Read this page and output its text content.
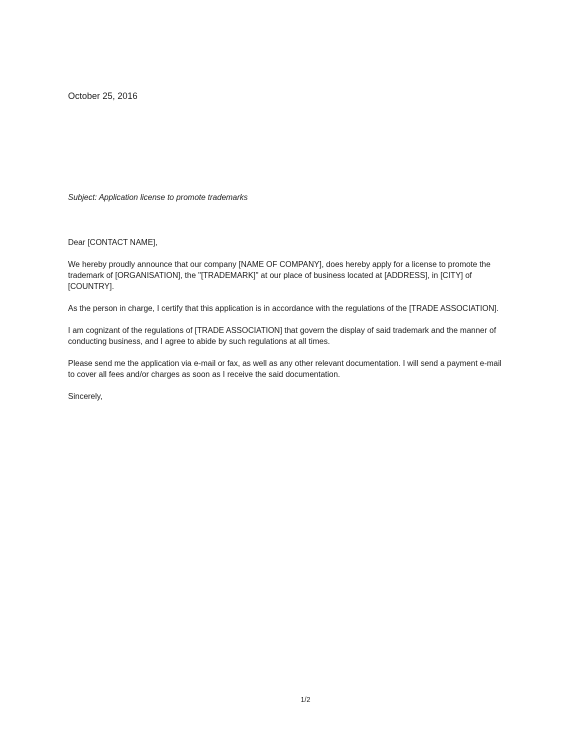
October 25, 2016
Subject: Application license to promote trademarks

Dear [CONTACT NAME],

We hereby proudly announce that our company [NAME OF COMPANY], does hereby apply for a license to promote the trademark of [ORGANISATION], the "[TRADEMARK]" at our place of business located at [ADDRESS], in [CITY] of [COUNTRY].

As the person in charge, I certify that this application is in accordance with the regulations of the [TRADE ASSOCIATION].

I am cognizant of the regulations of [TRADE ASSOCIATION] that govern the display of said trademark and the manner of conducting business, and I agree to abide by such regulations at all times.

Please send me the application via e-mail or fax, as well as any other relevant documentation. I will send a payment e-mail to cover all fees and/or charges as soon as I receive the said documentation.

Sincerely,

1/2
